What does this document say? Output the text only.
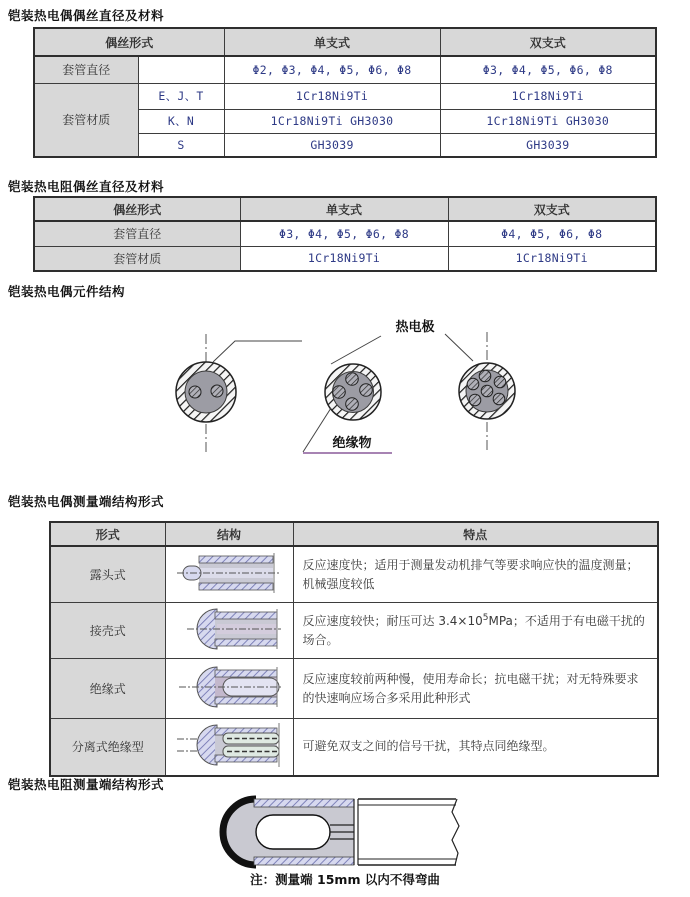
铠装热电偶偶丝直径及材料
偶丝形式		单支式	双支式
套管直径		Φ2, Φ3, Φ4, Φ5, Φ6, Φ8	Φ3, Φ4, Φ5, Φ6, Φ8
套管材质	E、J、T	1Cr18Ni9Ti	1Cr18Ni9Ti
	K、N	1Cr18Ni9Ti GH3030	1Cr18Ni9Ti GH3030
	S	GH3039	GH3039
铠装热电阻偶丝直径及材料
偶丝形式	单支式	双支式
套管直径	Φ3, Φ4, Φ5, Φ6, Φ8	Φ4, Φ5, Φ6, Φ8
套管材质	1Cr18Ni9Ti	1Cr18Ni9Ti
铠装热电偶元件结构
热电极
绝缘物
铠装热电偶测量端结构形式
形式	结构	特点
露头式		反应速度快；适用于测量发动机排气等要求响应快的温度测量；机械强度较低
接壳式		反应速度较快；耐压可达 $3.4\times 10^5MPa$；不适用于有电磁干扰的场合。
绝缘式		反应速度较前两种慢，使用寿命长；抗电磁干扰；对无特殊要求的快速响应场合多采用此种形式
分离式绝缘型		可避免双支之间的信号干扰，其特点同绝缘型。
铠装热电阻测量端结构形式
注：测量端 15mm 以内不得弯曲
